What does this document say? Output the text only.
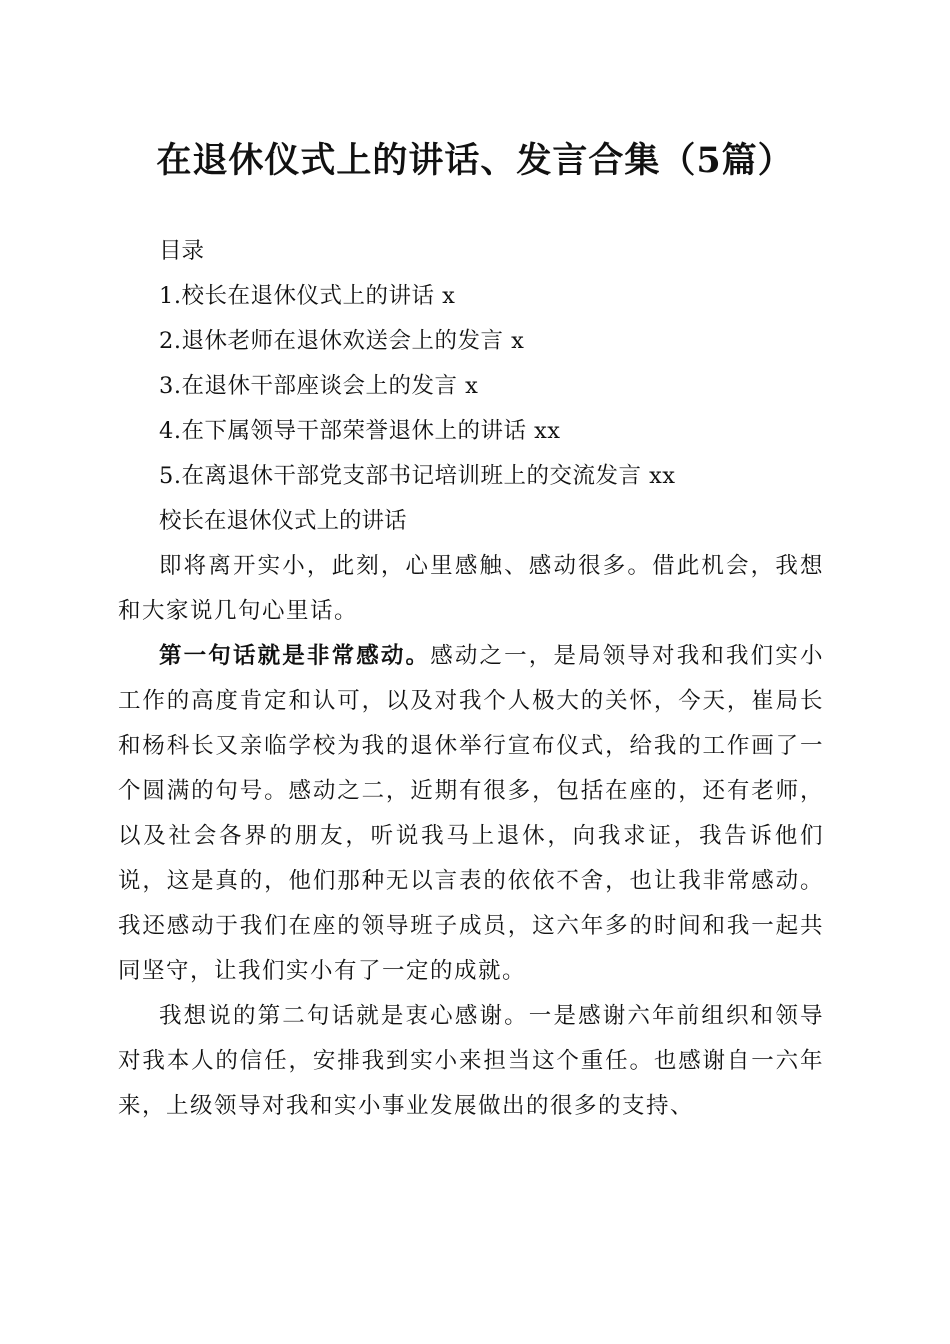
在退休仪式上的讲话、发言合集（5篇）

目录

1.校长在退休仪式上的讲话 x

2.退休老师在退休欢送会上的发言 x

3.在退休干部座谈会上的发言 x

4.在下属领导干部荣誉退休上的讲话 xx

5.在离退休干部党支部书记培训班上的交流发言 xx

校长在退休仪式上的讲话

即将离开实小，此刻，心里感触、感动很多。借此机会，我想和大家说几句心里话。

第一句话就是非常感动。感动之一，是局领导对我和我们实小工作的高度肯定和认可，以及对我个人极大的关怀，今天，崔局长和杨科长又亲临学校为我的退休举行宣布仪式，给我的工作画了一个圆满的句号。感动之二，近期有很多，包括在座的，还有老师，以及社会各界的朋友，听说我马上退休，向我求证，我告诉他们说，这是真的，他们那种无以言表的依依不舍，也让我非常感动。我还感动于我们在座的领导班子成员，这六年多的时间和我一起共同坚守，让我们实小有了一定的成就。

我想说的第二句话就是衷心感谢。一是感谢六年前组织和领导对我本人的信任，安排我到实小来担当这个重任。也感谢自一六年来，上级领导对我和实小事业发展做出的很多的支持、
